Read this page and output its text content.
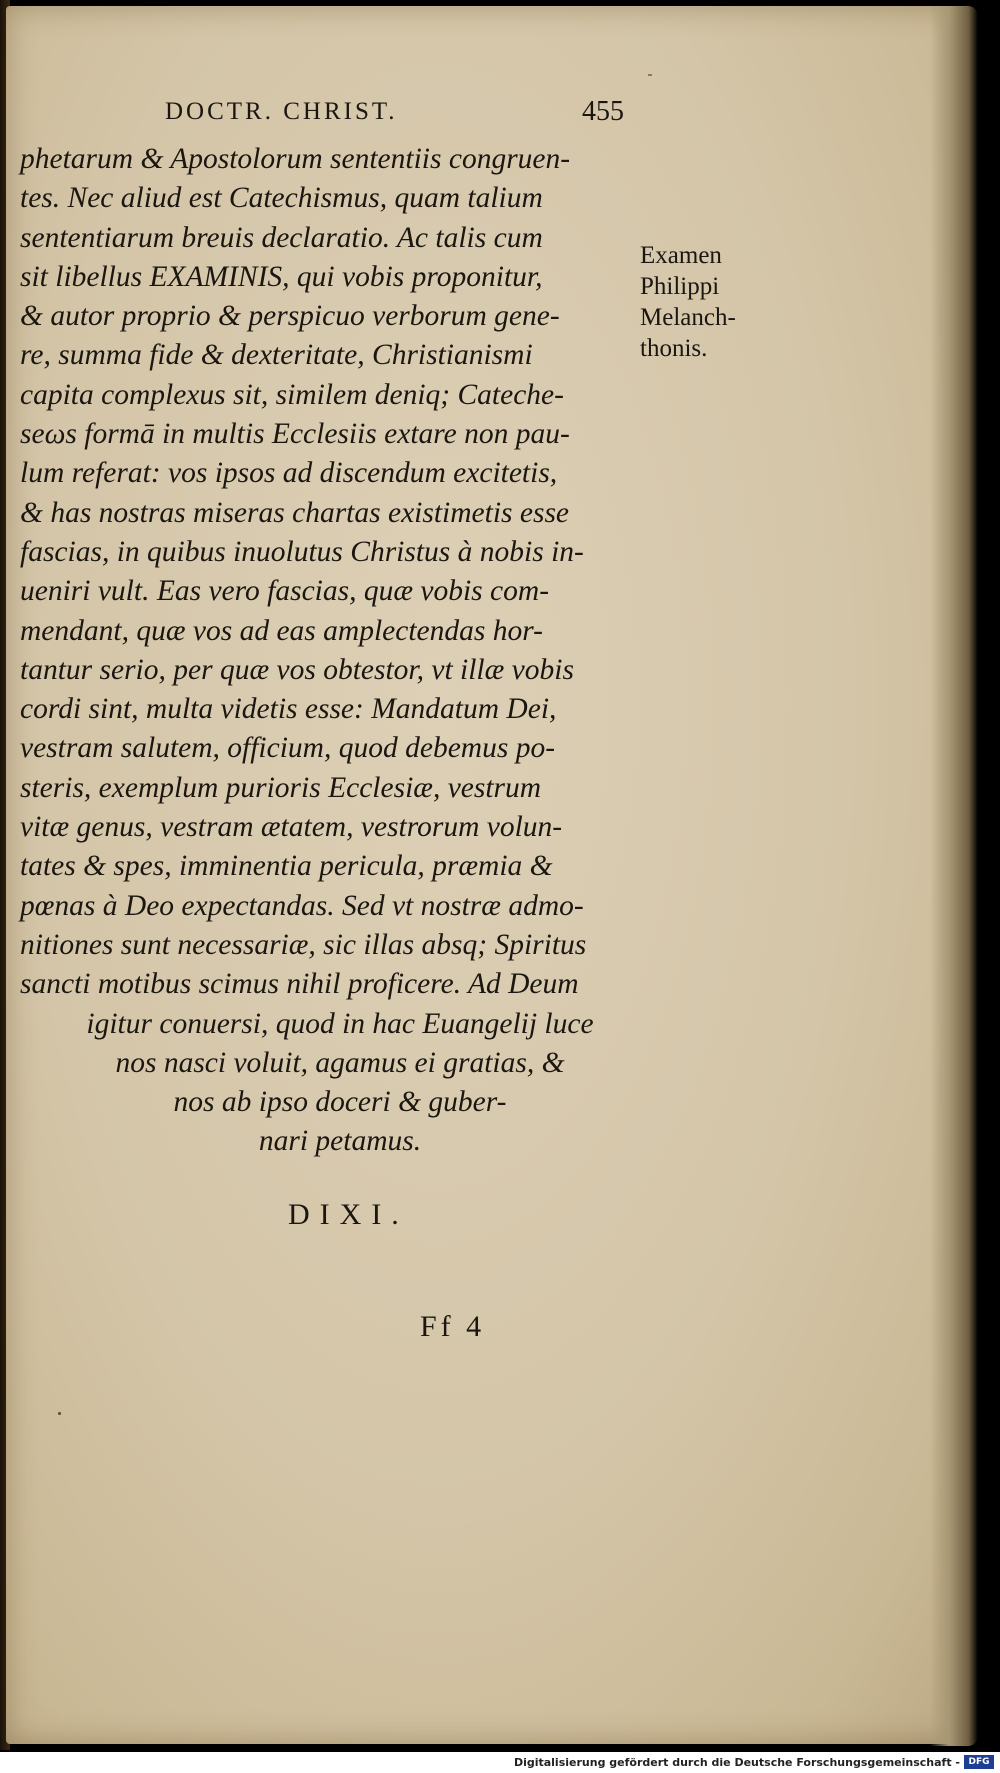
DOCTR. CHRIST.	455
phetarum & Apostolorum sententiis congruen-
tes. Nec aliud est Catechismus, quam talium
sententiarum breuis declaratio. Ac talis cum
sit libellus EXAMINIS, qui vobis proponitur,
& autor proprio & perspicuo verborum gene-
re, summa fide & dexteritate, Christianismi
capita complexus sit, similem deniq; Cateche-
seωs formā in multis Ecclesiis extare non pau-
lum referat: vos ipsos ad discendum excitetis,
& has nostras miseras chartas existimetis esse
fascias, in quibus inuolutus Christus à nobis in-
ueniri vult. Eas vero fascias, quæ vobis com-
mendant, quæ vos ad eas amplectendas hor-
tantur serio, per quæ vos obtestor, vt illæ vobis
cordi sint, multa videtis esse: Mandatum Dei,
vestram salutem, officium, quod debemus po-
steris, exemplum purioris Ecclesiæ, vestrum
vitæ genus, vestram ætatem, vestrorum volun-
tates & spes, imminentia pericula, præmia &
pœnas à Deo expectandas. Sed vt nostræ admo-
nitiones sunt necessariæ, sic illas absq; Spiritus
sancti motibus scimus nihil proficere. Ad Deum
igitur conuersi, quod in hac Euangelij luce
nos nasci voluit, agamus ei gratias, &
nos ab ipso doceri & guber-
nari petamus.
Examen
Philippi
Melanch-
thonis.
DIXI.
Ff 4
Digitalisierung gefördert durch die Deutsche Forschungsgemeinschaft - DFG
